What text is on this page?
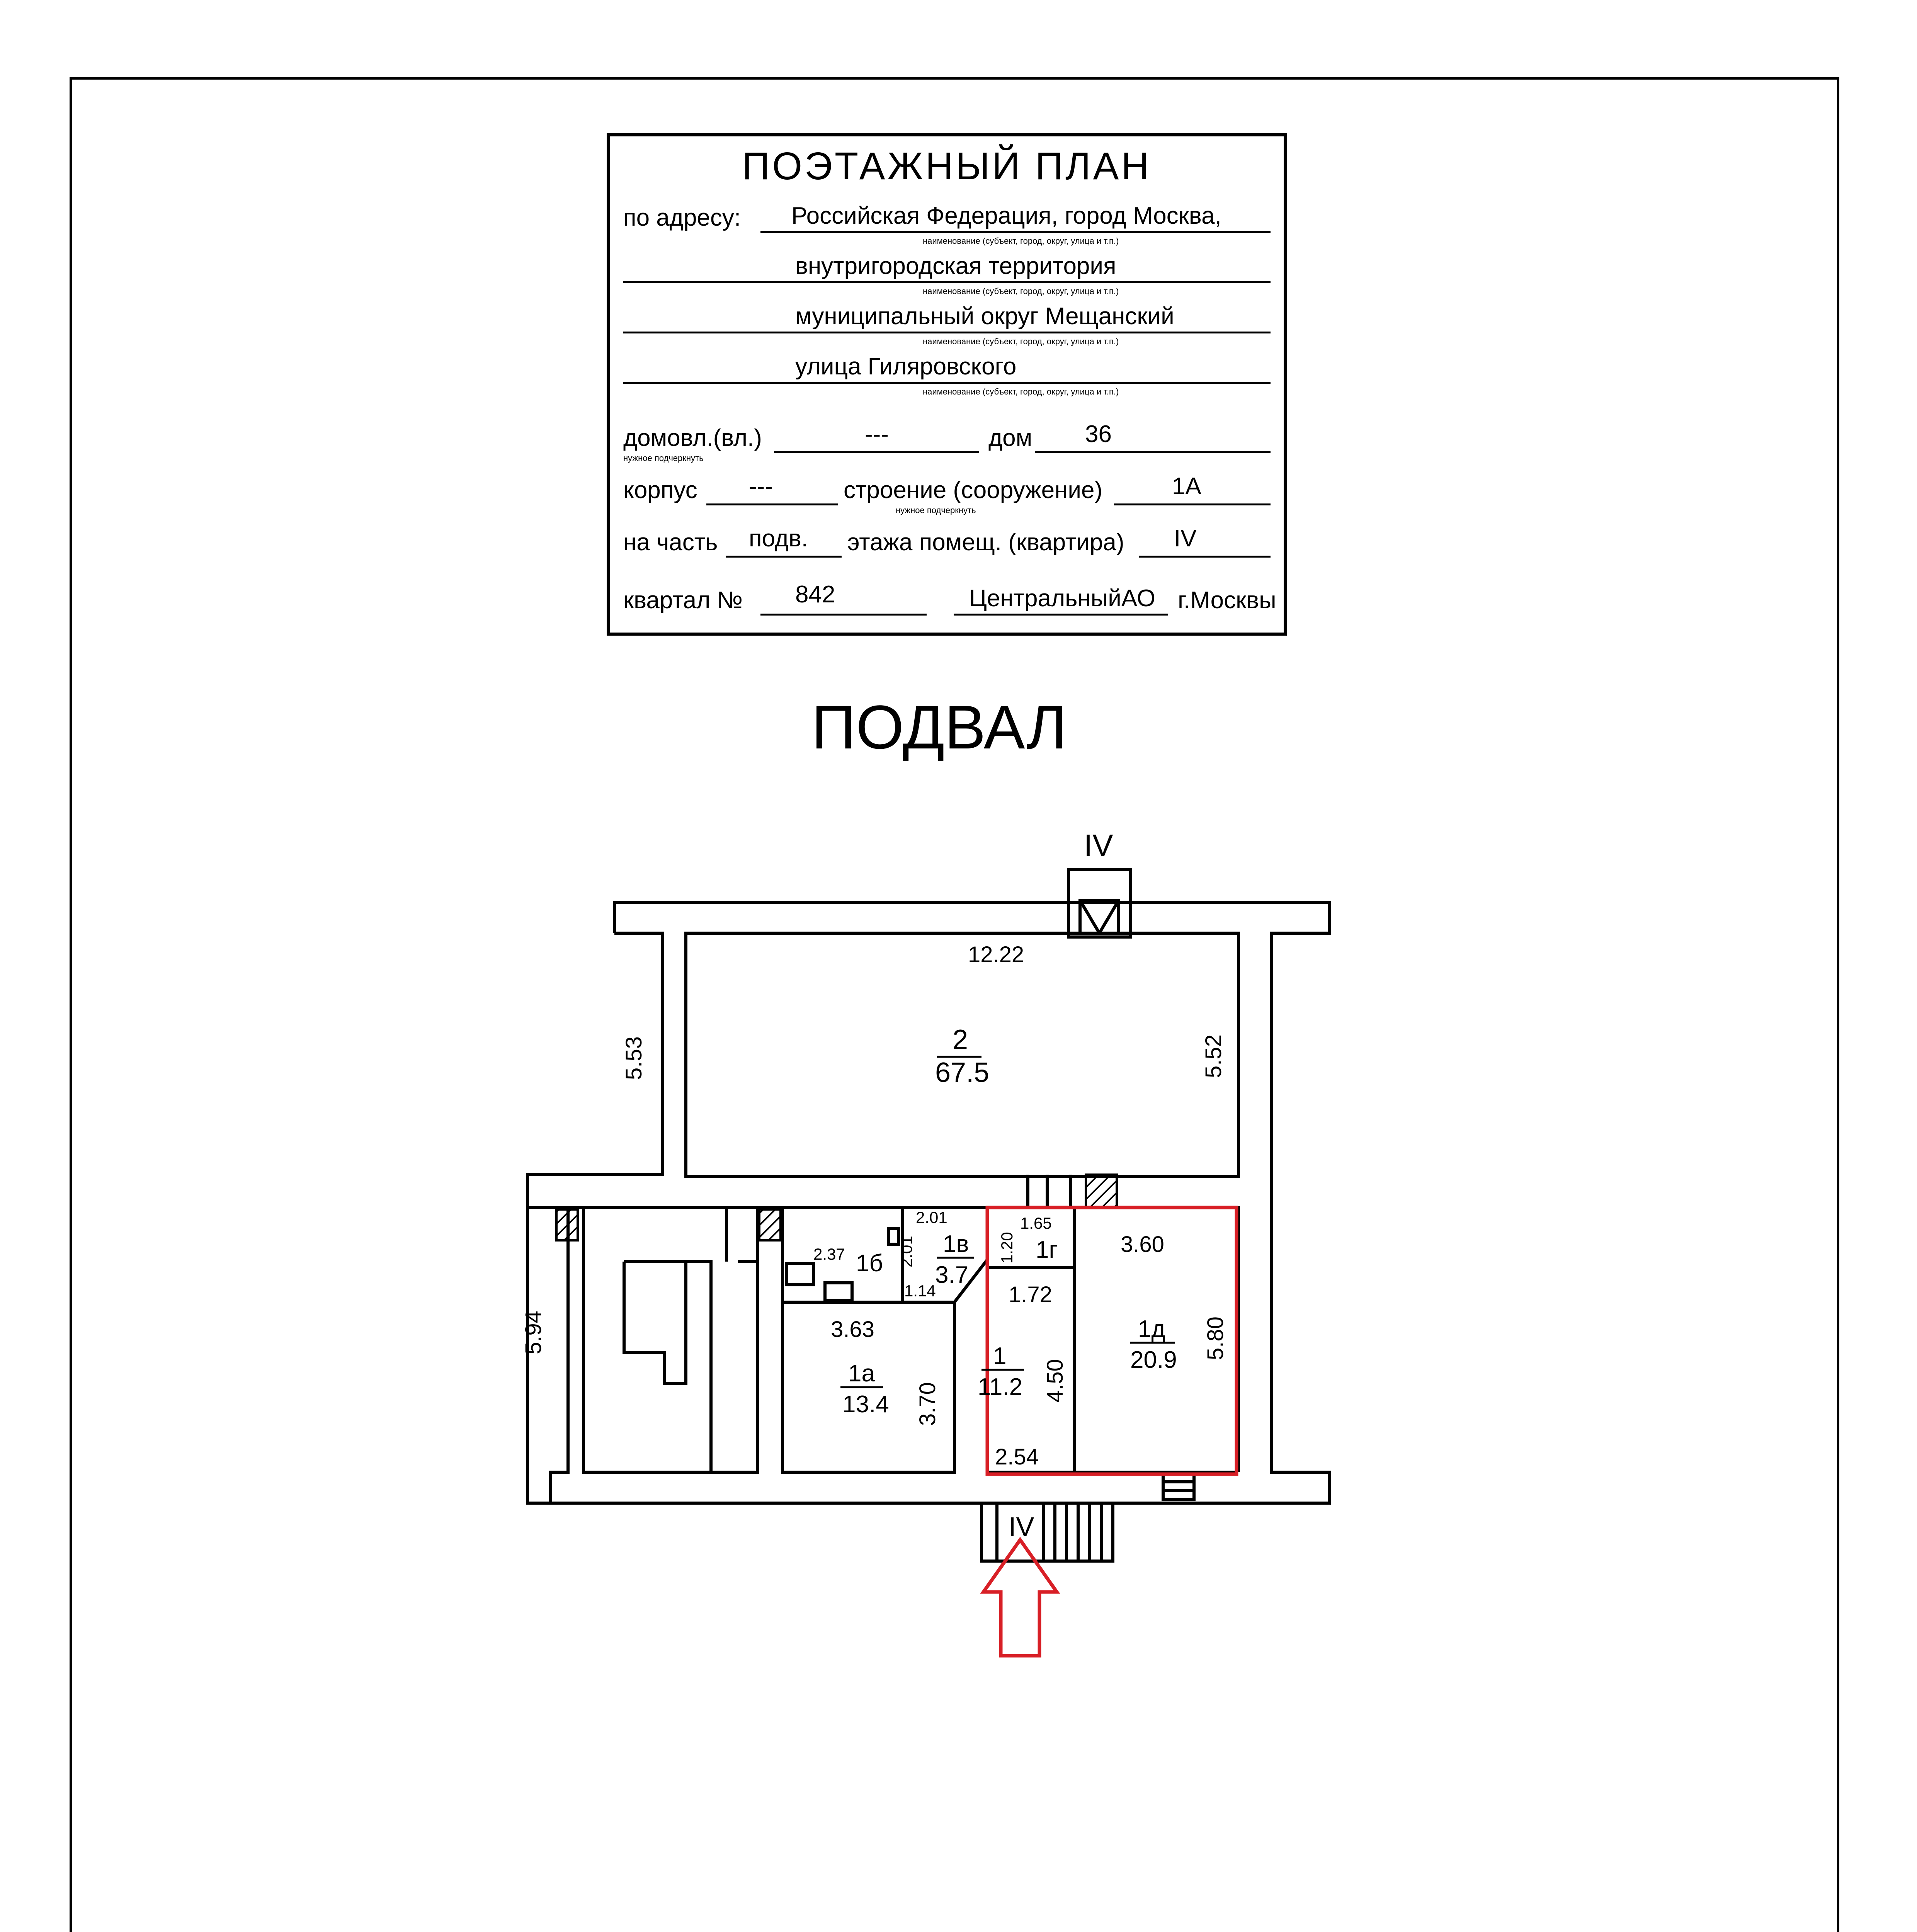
ПОЭТАЖНЫЙ ПЛАН
по адресу: Российская Федерация, город Москва,
наименование (субъект, город, округ, улица и т.п.)
внутригородская территория
наименование (субъект, город, округ, улица и т.п.)
муниципальный округ Мещанский
наименование (субъект, город, округ, улица и т.п.)
улица Гиляровского
наименование (субъект, город, округ, улица и т.п.)
домовл.(вл.)	---	дом 36
нужное подчеркнуть
корпус ---	строение (сооружение)	1А
нужное подчеркнуть
на часть подв. этажа помещ. (квартира) IV
квартал № 842	ЦентральныйАО г.Москвы
ПОДВАЛ
IV
IV
2
67.5
1а
13.4
1б
1в
3.7
1г
1
11.2
1д
20.9
12.22
5.52
5.53
5.94	3.63
3.70
2.37	2.01
2.01
1.14
1.65
1.20
1.72
4.50
2.54
3.60
5.80
